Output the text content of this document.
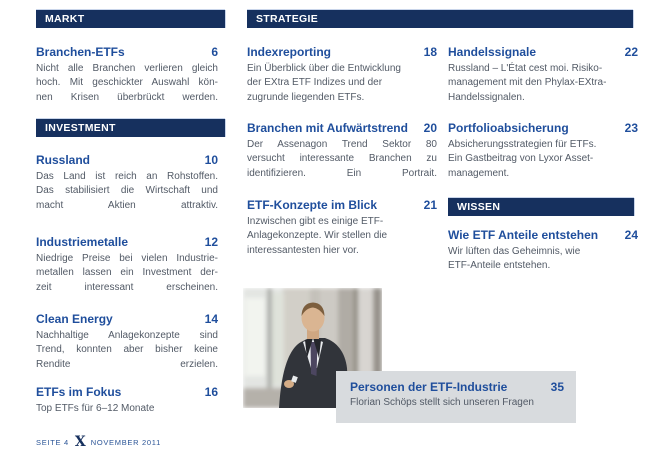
STRATEGIE
MARKT
Branchen-ETFs	6
Nicht alle Branchen verlieren gleich
hoch. Mit geschickter Auswahl kön-
nen Krisen überbrückt werden.
INVESTMENT
Russland	10
Das Land ist reich an Rohstoffen.
Das stabilisiert die Wirtschaft und
macht Aktien attraktiv.
Industriemetalle	12
Niedrige Preise bei vielen Industrie-
metallen lassen ein Investment der-
zeit interessant erscheinen.
Clean Energy	14
Nachhaltige Anlagekonzepte sind
Trend, konnten aber bisher keine
Rendite erzielen.
ETFs im Fokus	16
Top ETFs für 6–12 Monate
Indexreporting	18
Ein Überblick über die Entwicklung
der EXtra ETF Indizes und der
zugrunde liegenden ETFs.
Branchen mit Aufwärtstrend 20
Der Assenagon Trend Sektor 80
versucht interessante Branchen zu
identifizieren. Ein Portrait.
ETF-Konzepte im Blick	21
Inzwischen gibt es einige ETF-
Anlagekonzepte. Wir stellen die
interessantesten hier vor.
Handelssignale	22
Russland – L'État cest moi. Risiko-
management mit den Phylax-EXtra-
Handelssignalen.
Portfolioabsicherung	23
Absicherungsstrategien für ETFs.
Ein Gastbeitrag von Lyxor Asset-
management.
WISSEN
Wie ETF Anteile entstehen 24
Wir lüften das Geheimnis, wie
ETF-Anteile entstehen.
Personen der ETF-Industrie	35
Florian Schöps stellt sich unseren Fragen
SEITE 4 X NOVEMBER 2011
